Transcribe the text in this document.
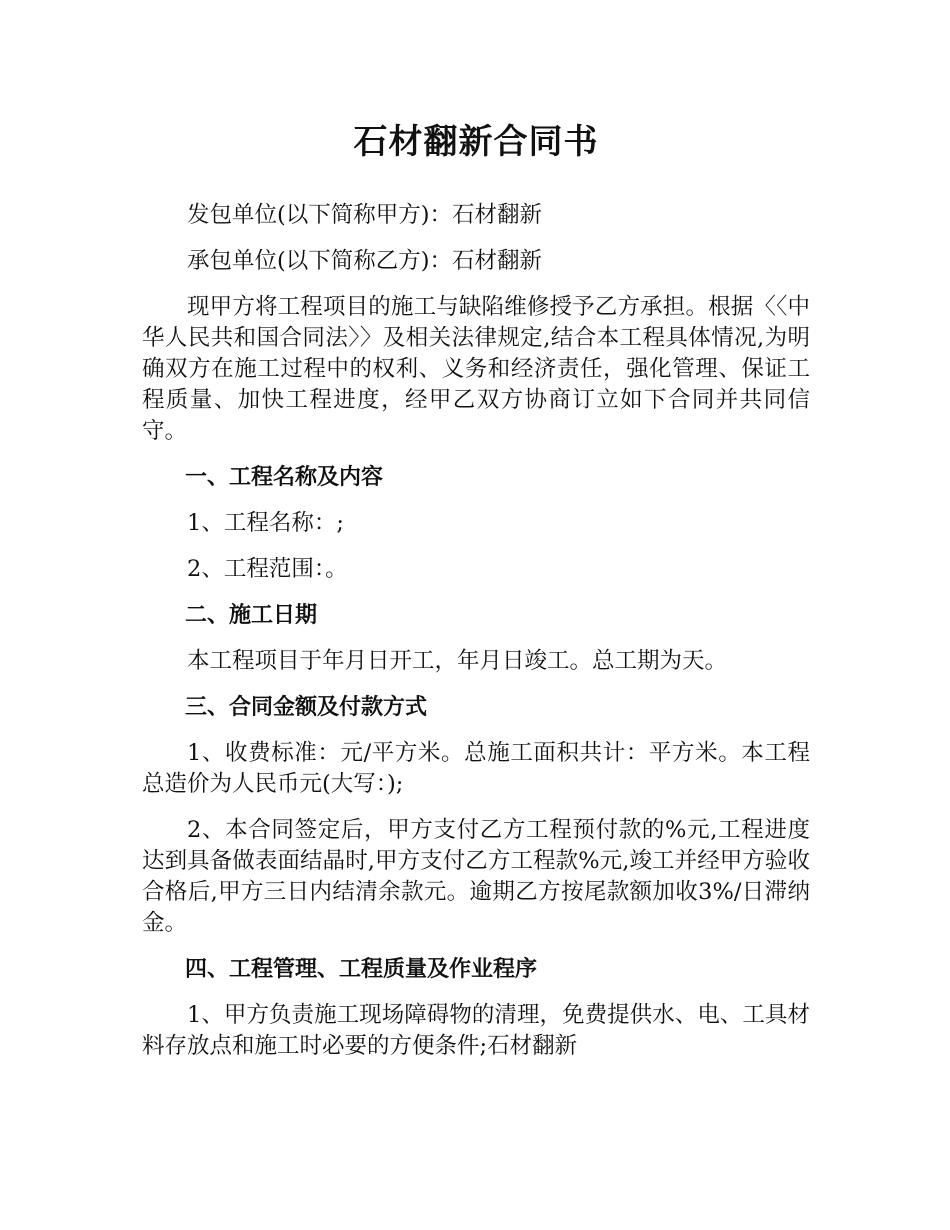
石材翻新合同书

发包单位(以下简称甲方)：石材翻新

承包单位(以下简称乙方)：石材翻新

现甲方将工程项目的施工与缺陷维修授予乙方承担。根据〈〈中华人民共和国合同法〉〉及相关法律规定,结合本工程具体情况,为明确双方在施工过程中的权利、义务和经济责任，强化管理、保证工程质量、加快工程进度，经甲乙双方协商订立如下合同并共同信守。

一、工程名称及内容

1、工程名称：;

2、工程范围：。

二、施工日期

本工程项目于年月日开工，年月日竣工。总工期为天。

三、合同金额及付款方式

1、收费标准：元/平方米。总施工面积共计：平方米。本工程总造价为人民币元(大写：);

2、本合同签定后，甲方支付乙方工程预付款的%元,工程进度达到具备做表面结晶时,甲方支付乙方工程款%元,竣工并经甲方验收合格后,甲方三日内结清余款元。逾期乙方按尾款额加收3%/日滞纳金。

四、工程管理、工程质量及作业程序

1、甲方负责施工现场障碍物的清理，免费提供水、电、工具材料存放点和施工时必要的方便条件;石材翻新
